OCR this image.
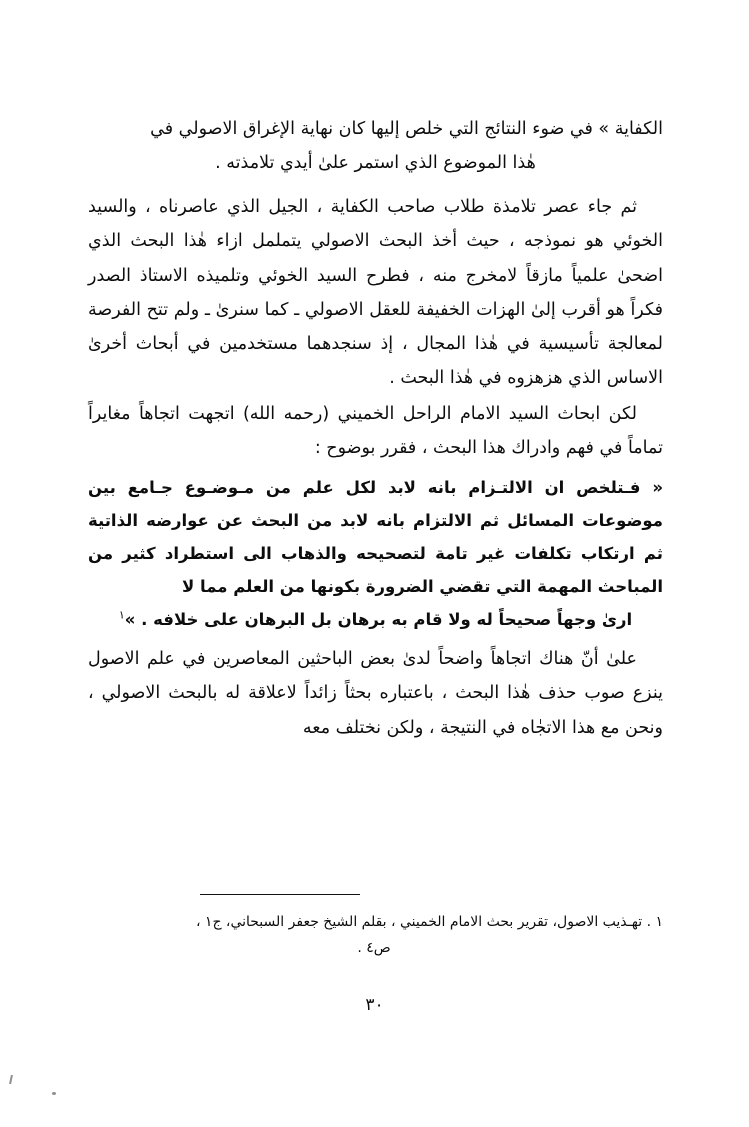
الكفاية » في ضوء النتائج التي خلص إليها كان نهاية الإغراق الاصولي في
هٰذا الموضوع الذي استمر علىٰ أيدي تلامذته .

ثم جاء عصر تلامذة طلاب صاحب الكفاية ، الجيل الذي عاصرناه ، والسيد الخوئي هو نموذجه ، حيث أخذ البحث الاصولي يتململ ازاء هٰذا البحث الذي اضحىٰ علمياً مازقاً لامخرج منه ، فطرح السيد الخوئي وتلميذه الاستاذ الصدر فكراً هو أقرب إلىٰ الهزات الخفيفة للعقل الاصولي ـ كما سنرىٰ ـ ولم تتح الفرصة لمعالجة تأسيسية في هٰذا المجال ، إذ سنجدهما مستخدمين في أبحاث أخرىٰ الاساس الذي هزهزوه في هٰذا البحث .

لكن ابحاث السيد الامام الراحل الخميني (رحمه الله) اتجهت اتجاهاً مغايراً تماماً في فهم وادراك هذا البحث ، فقرر بوضوح :

« فـتلخص ان الالتـزام بانه لابد لكل علم من مـوضـوع جـامع بين موضوعات المسائل ثم الالتزام بانه لابد من البحث عن عوارضه الذاتية ثم ارتكاب تكلفات غير تامة لتصحيحه والذهاب الى استطراد كثير من المباحث المهمة التي تقضي الضرورة بكونها من العلم مما لا
ارىٰ وجهاً صحيحاً له ولا قام به برهان بل البرهان على خلافه . »$^١$

علىٰ أنّ هناك اتجاهاً واضحاً لدىٰ بعض الباحثين المعاصرين في علم الاصول ينزع صوب حذف هٰذا البحث ، باعتباره بحثاً زائداً لاعلاقة له بالبحث الاصولي ، ونحن مع هذا الاتجٰاه في النتيجة ، ولكن نختلف معه

١ . تهـذيب الاصول، تقرير بحث الامام الخميني ، بقلم الشيخ جعفر السبحاني، ج١ ،
ص٤ .
٣٠
